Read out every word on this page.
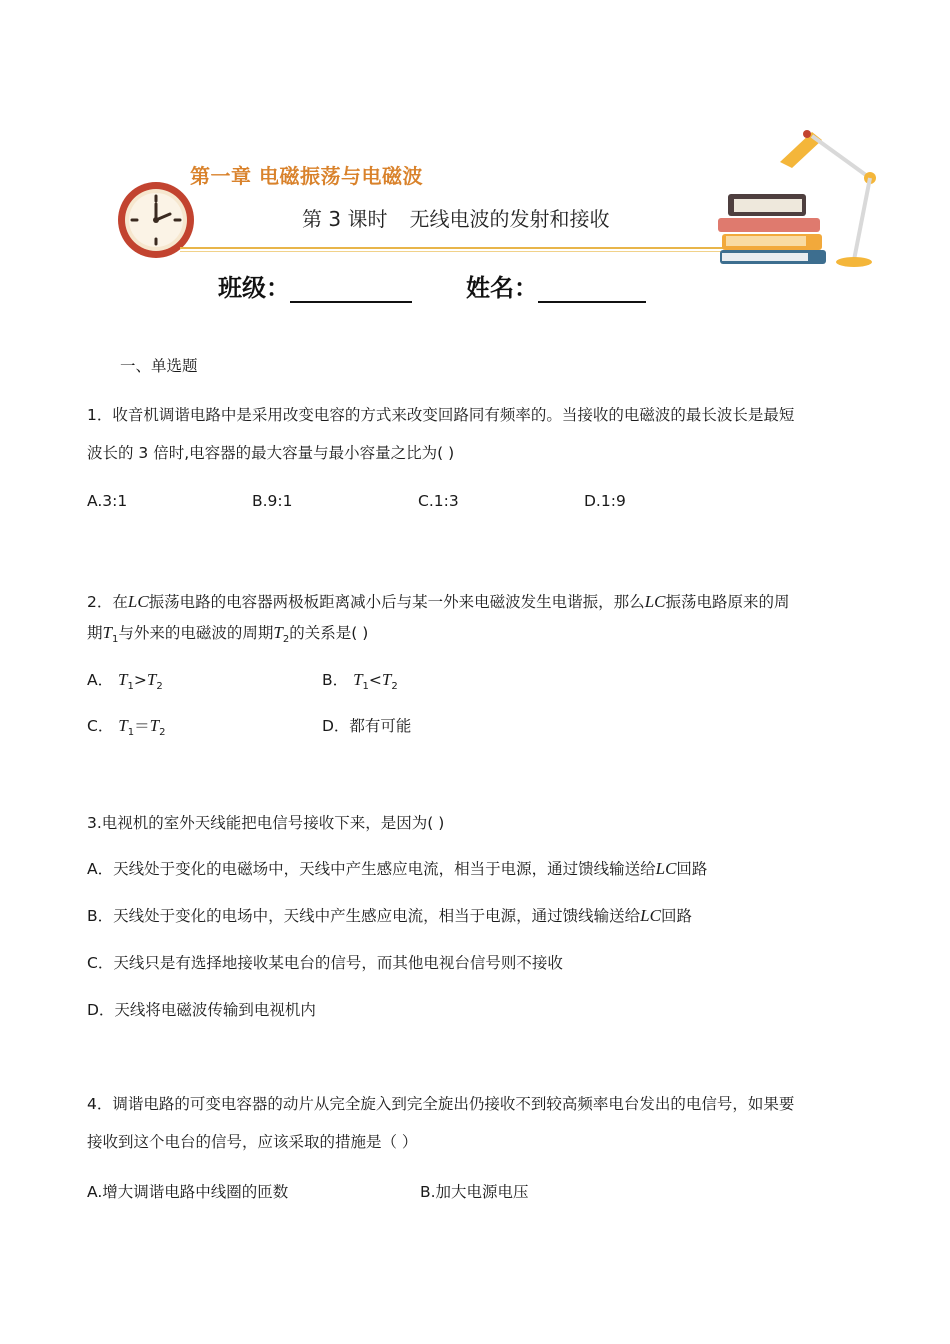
第一章 电磁振荡与电磁波
第 3 课时 无线电波的发射和接收
班级：	姓名：
一、单选题
1．收音机调谐电路中是采用改变电容的方式来改变回路同有频率的。当接收的电磁波的最长波长是最短
波长的 3 倍时,电容器的最大容量与最小容量之比为( )
A.3:1	B.9:1	C.1:3	D.1:9
2．在LC振荡电路的电容器两极板距离减小后与某一外来电磁波发生电谐振，那么LC振荡电路原来的周
期$T_1$与外来的电磁波的周期$T_2$的关系是( )
A． $T_1>T_2$	B． $T_1<T_2$
C． $T_1=T_2$	D．都有可能
3.电视机的室外天线能把电信号接收下来，是因为( )
A．天线处于变化的电磁场中，天线中产生感应电流，相当于电源，通过馈线输送给LC回路
B．天线处于变化的电场中，天线中产生感应电流，相当于电源，通过馈线输送给LC回路
C．天线只是有选择地接收某电台的信号，而其他电视台信号则不接收
D．天线将电磁波传输到电视机内
4．调谐电路的可变电容器的动片从完全旋入到完全旋出仍接收不到较高频率电台发出的电信号，如果要
接收到这个电台的信号，应该采取的措施是（ ）
A.增大调谐电路中线圈的匝数	B.加大电源电压
